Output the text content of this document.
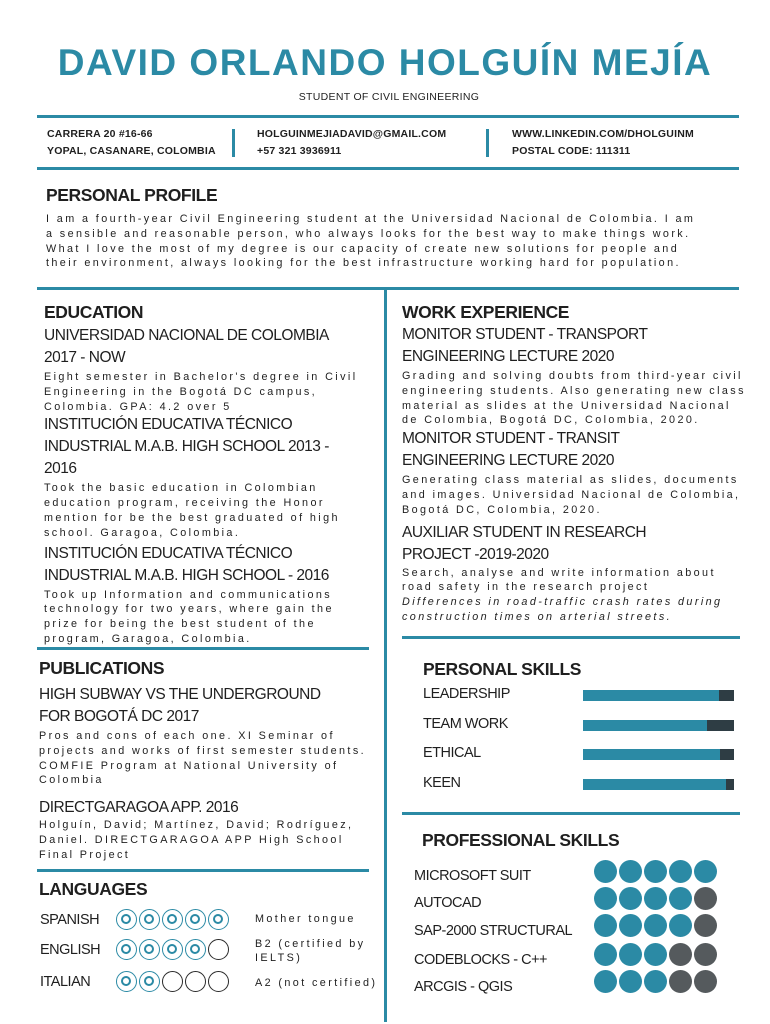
DAVID ORLANDO HOLGUÍN MEJÍA
STUDENT OF CIVIL ENGINEERING
CARRERA 20 #16-66
YOPAL, CASANARE, COLOMBIA
HOLGUINMEJIADAVID@GMAIL.COM
+57 321 3936911
WWW.LINKEDIN.COM/DHOLGUINM
POSTAL CODE: 111311
PERSONAL PROFILE
I am a fourth-year Civil Engineering student at the Universidad Nacional de Colombia. I am
a sensible and reasonable person, who always looks for the best way to make things work.
What I love the most of my degree is our capacity of create new solutions for people and
their environment, always looking for the best infrastructure working hard for population.
EDUCATION
UNIVERSIDAD NACIONAL DE COLOMBIA
2017 - NOW
Eight semester in Bachelor's degree in Civil
Engineering in the Bogotá DC campus,
Colombia. GPA: 4.2 over 5
INSTITUCIÓN EDUCATIVA TÉCNICO
INDUSTRIAL M.A.B. HIGH SCHOOL 2013 -
2016
Took the basic education in Colombian
education program, receiving the Honor
mention for be the best graduated of high
school. Garagoa, Colombia.
INSTITUCIÓN EDUCATIVA TÉCNICO
INDUSTRIAL M.A.B. HIGH SCHOOL - 2016
Took up Information and communications
technology for two years, where gain the
prize for being the best student of the
program, Garagoa, Colombia.
WORK EXPERIENCE
MONITOR STUDENT - TRANSPORT
ENGINEERING LECTURE 2020
Grading and solving doubts from third-year civil
engineering students. Also generating new class
material as slides at the Universidad Nacional
de Colombia, Bogotá DC, Colombia, 2020.
MONITOR STUDENT - TRANSIT
ENGINEERING LECTURE 2020
Generating class material as slides, documents
and images. Universidad Nacional de Colombia,
Bogotá DC, Colombia, 2020.
AUXILIAR STUDENT IN RESEARCH
PROJECT -2019-2020
Search, analyse and write information about
road safety in the research project
Differences in road-traffic crash rates during
construction times on arterial streets.
PUBLICATIONS
HIGH SUBWAY VS THE UNDERGROUND
FOR BOGOTÁ DC 2017
Pros and cons of each one. XI Seminar of
projects and works of first semester students.
COMFIE Program at National University of
Colombia
DIRECTGARAGOA APP. 2016
Holguín, David; Martínez, David; Rodríguez,
Daniel. DIRECTGARAGOA APP High School
Final Project
LANGUAGES
SPANISH	Mother tongue
ENGLISH	B2 (certified by
IELTS)
ITALIAN	A2 (not certified)
PERSONAL SKILLS
LEADERSHIP
TEAM WORK
ETHICAL
KEEN
PROFESSIONAL SKILLS
MICROSOFT SUIT
AUTOCAD
SAP-2000 STRUCTURAL
CODEBLOCKS - C++
ARCGIS - QGIS
